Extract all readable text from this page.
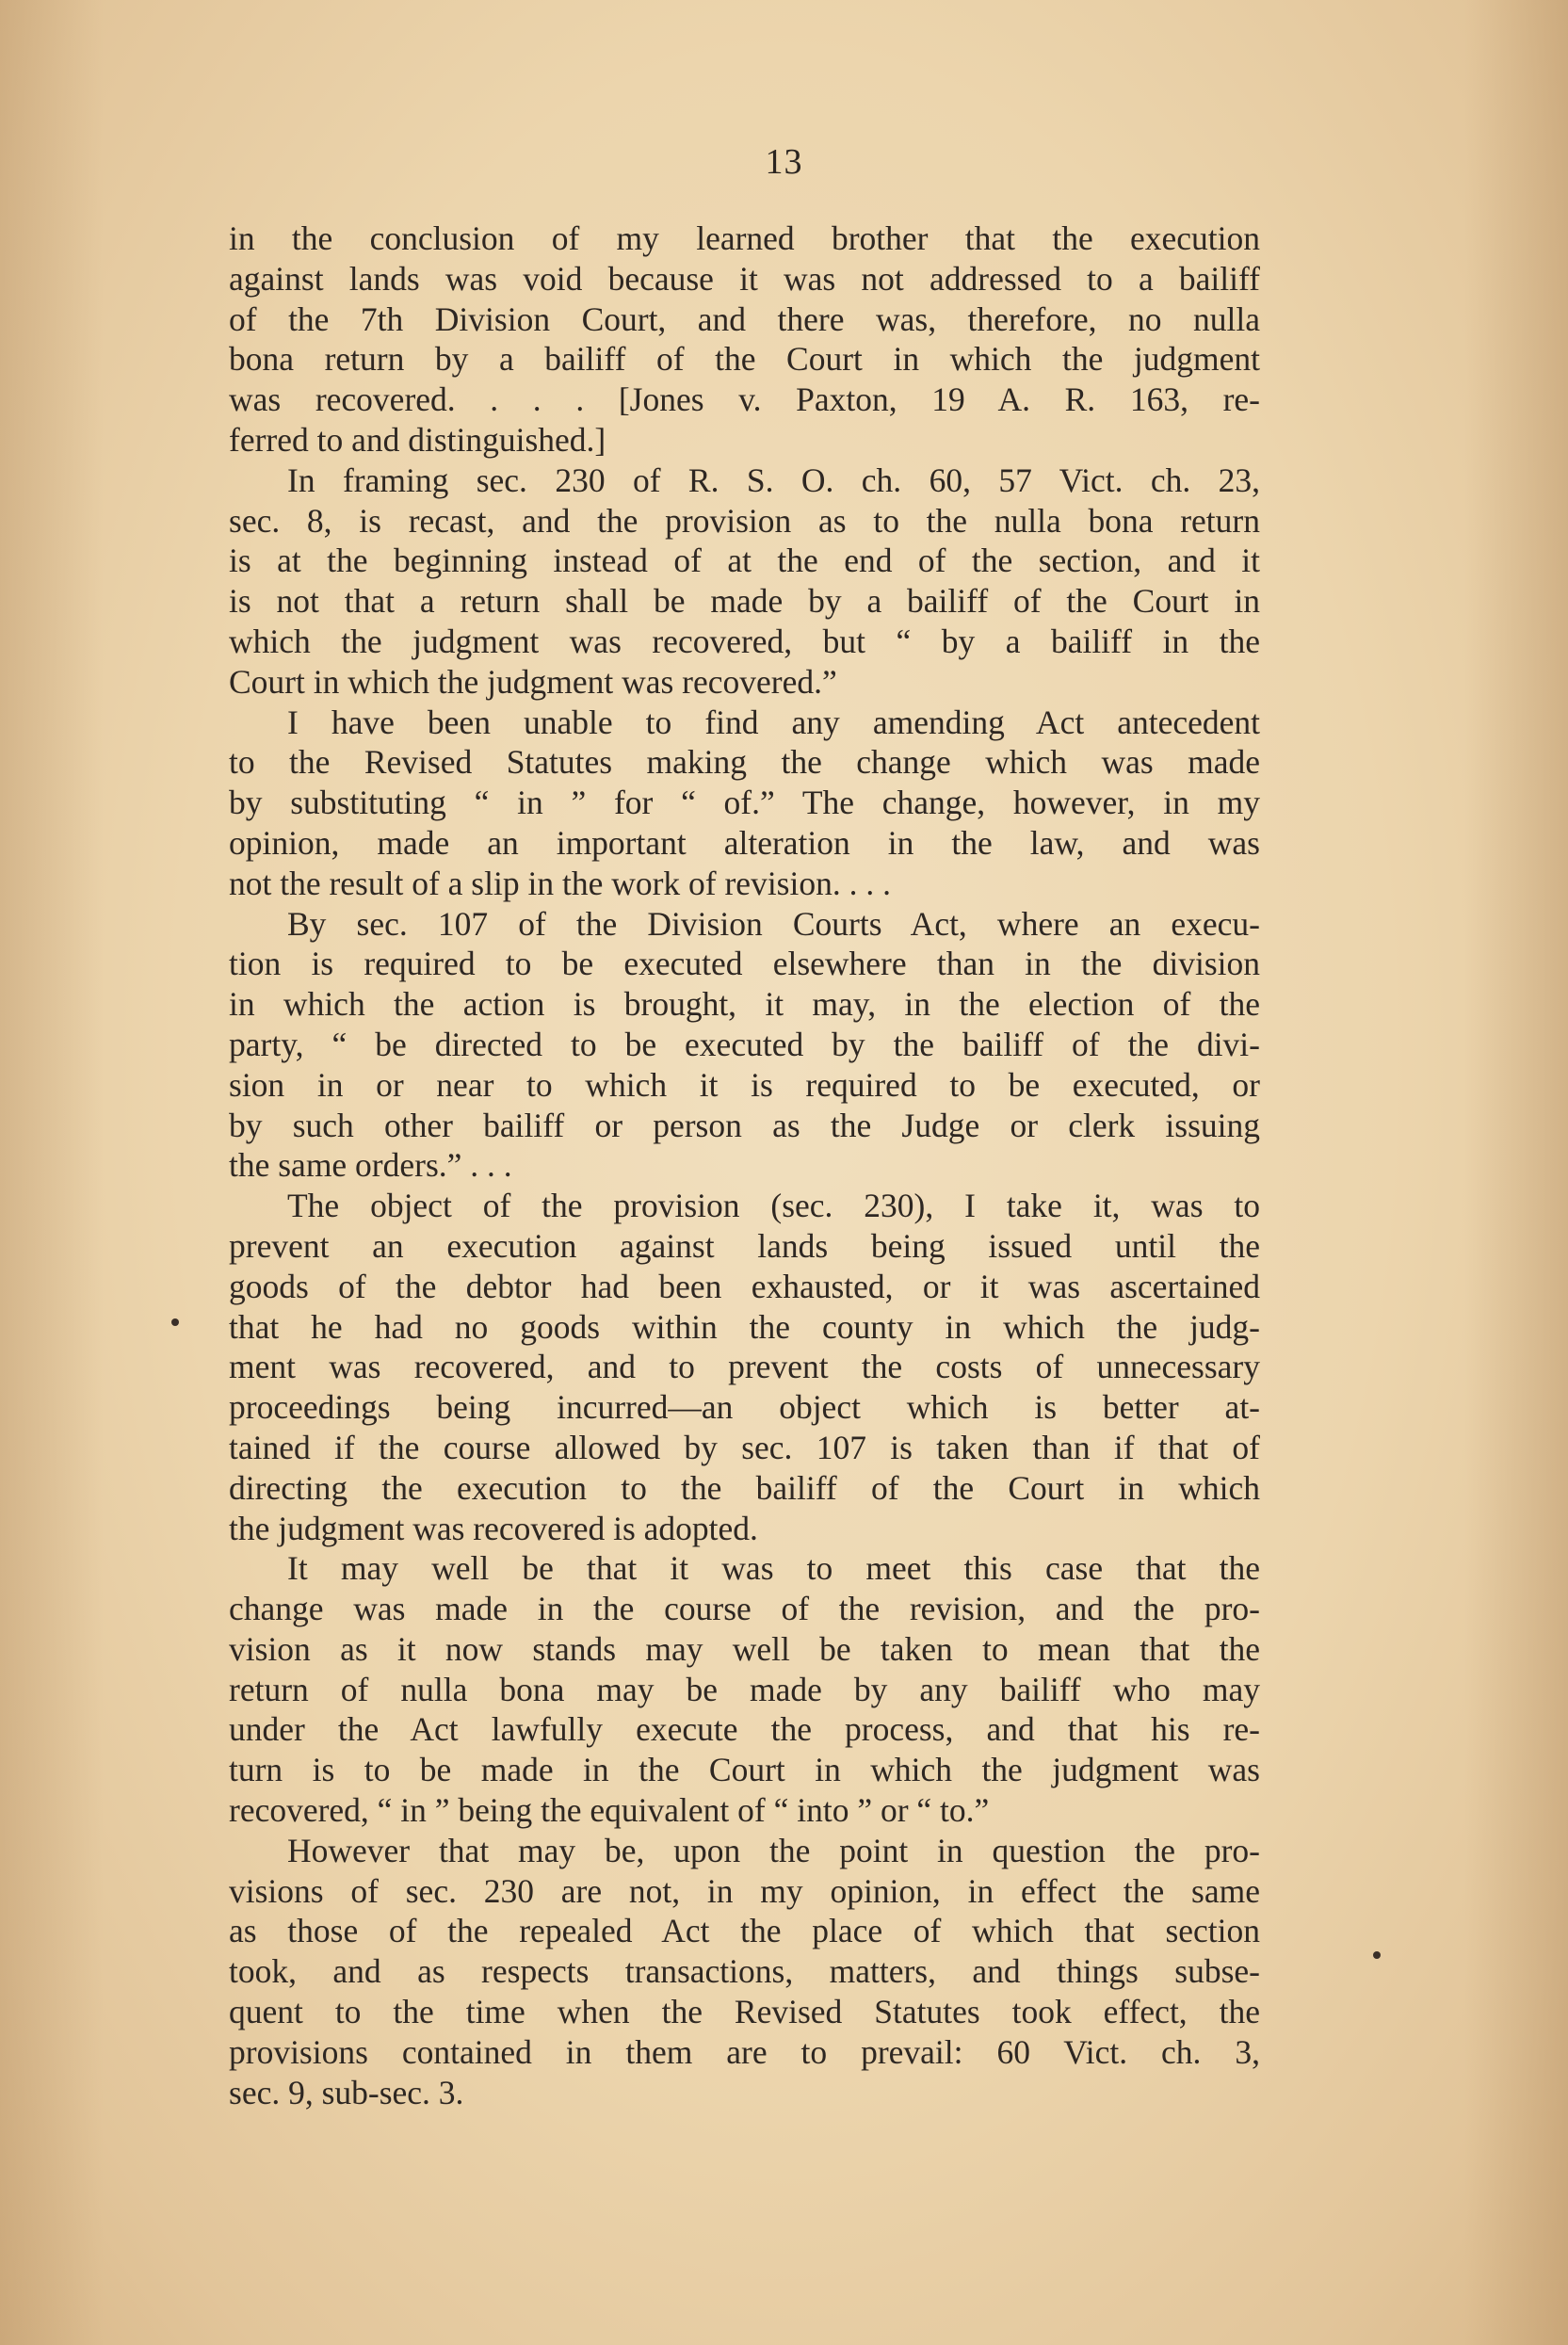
13
in the conclusion of my learned brother that the execution
against lands was void because it was not addressed to a bailiff
of the 7th Division Court, and there was, therefore, no nulla
bona return by a bailiff of the Court in which the judgment
was recovered. . . . [Jones v. Paxton, 19 A. R. 163, re-
ferred to and distinguished.]
In framing sec. 230 of R. S. O. ch. 60, 57 Vict. ch. 23,
sec. 8, is recast, and the provision as to the nulla bona return
is at the beginning instead of at the end of the section, and it
is not that a return shall be made by a bailiff of the Court in
which the judgment was recovered, but “ by a bailiff in the
Court in which the judgment was recovered.”
I have been unable to find any amending Act antecedent
to the Revised Statutes making the change which was made
by substituting “ in ” for “ of.” The change, however, in my
opinion, made an important alteration in the law, and was
not the result of a slip in the work of revision. . . .
By sec. 107 of the Division Courts Act, where an execu-
tion is required to be executed elsewhere than in the division
in which the action is brought, it may, in the election of the
party, “ be directed to be executed by the bailiff of the divi-
sion in or near to which it is required to be executed, or
by such other bailiff or person as the Judge or clerk issuing
the same orders.” . . .
The object of the provision (sec. 230), I take it, was to
prevent an execution against lands being issued until the
goods of the debtor had been exhausted, or it was ascertained
that he had no goods within the county in which the judg-
ment was recovered, and to prevent the costs of unnecessary
proceedings being incurred—an object which is better at-
tained if the course allowed by sec. 107 is taken than if that of
directing the execution to the bailiff of the Court in which
the judgment was recovered is adopted.
It may well be that it was to meet this case that the
change was made in the course of the revision, and the pro-
vision as it now stands may well be taken to mean that the
return of nulla bona may be made by any bailiff who may
under the Act lawfully execute the process, and that his re-
turn is to be made in the Court in which the judgment was
recovered, “ in ” being the equivalent of “ into ” or “ to.”
However that may be, upon the point in question the pro-
visions of sec. 230 are not, in my opinion, in effect the same
as those of the repealed Act the place of which that section
took, and as respects transactions, matters, and things subse-
quent to the time when the Revised Statutes took effect, the
provisions contained in them are to prevail: 60 Vict. ch. 3,
sec. 9, sub-sec. 3.
